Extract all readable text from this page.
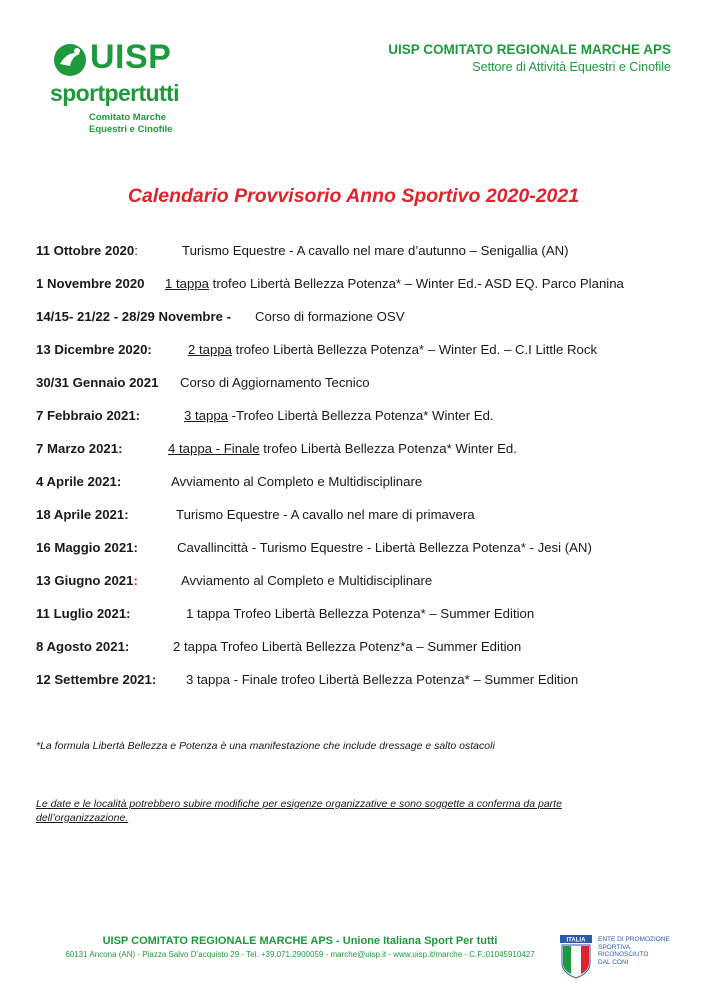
UISP
sportpertutti
Comitato Marche
Equestri e Cinofile
UISP COMITATO REGIONALE MARCHE APS
Settore di Attività Equestri e Cinofile
Calendario Provvisorio Anno Sportivo 2020-2021
11 Ottobre 2020:	Turismo Equestre - A cavallo nel mare d’autunno – Senigallia (AN)
1 Novembre 2020 1 tappa trofeo Libertà Bellezza Potenza* – Winter Ed.- ASD EQ. Parco Planina
14/15- 21/22 - 28/29 Novembre - Corso di formazione OSV
13 Dicembre 2020:	2 tappa trofeo Libertà Bellezza Potenza* – Winter Ed. – C.I Little Rock
30/31 Gennaio 2021 Corso di Aggiornamento Tecnico
7 Febbraio 2021:	3 tappa -Trofeo Libertà Bellezza Potenza* Winter Ed.
7 Marzo 2021:	4 tappa - Finale trofeo Libertà Bellezza Potenza* Winter Ed.
4 Aprile 2021:	Avviamento al Completo e Multidisciplinare
18 Aprile 2021:	Turismo Equestre - A cavallo nel mare di primavera
16 Maggio 2021:	Cavallincittà - Turismo Equestre - Libertà Bellezza Potenza* - Jesi (AN)
13 Giugno 2021:	Avviamento al Completo e Multidisciplinare
11 Luglio 2021:	1 tappa Trofeo Libertà Bellezza Potenza* – Summer Edition
8 Agosto 2021:	2 tappa Trofeo Libertà Bellezza Potenz*a – Summer Edition
12 Settembre 2021: 3 tappa - Finale trofeo Libertà Bellezza Potenza* – Summer Edition
*La formula Libertà Bellezza e Potenza è una manifestazione che include dressage e salto ostacoli
Le date e le località potrebbero subire modifiche per esigenze organizzative e sono soggette a conferma da parte dell’organizzazione.
UISP COMITATO REGIONALE MARCHE APS - Unione Italiana Sport Per tutti
60131 Ancona (AN) - Piazza Salvo D’acquisto 29 - Tel. +39.071.2900059 - marche@uisp.it - www.uisp.it/marche - C.F.:01045910427
ITALIA ENTE DI PROMOZIONE
SPORTIVA
RICONOSCIUTO
DAL CONI
